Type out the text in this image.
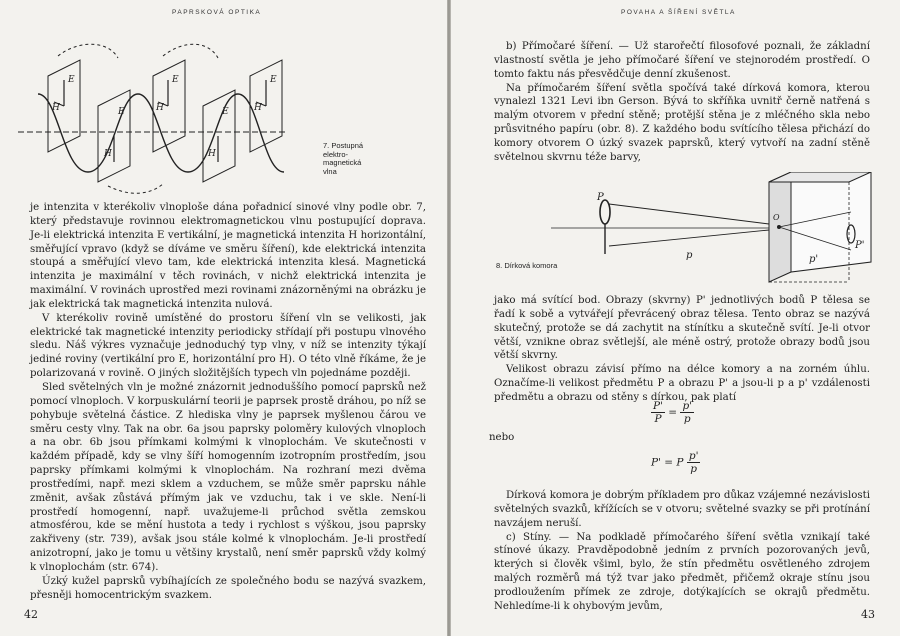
PAPRSKOVÁ OPTIKA
E	E	E
E	E
H	H	H
H	H
7. Postupná
elektro-
magnetická
vlna

je intenzita v kterékoliv vlnoploše dána pořadnicí sinové vlny podle obr. 7, který představuje rovinnou elektromagnetickou vlnu postupující doprava. Je-li elektrická intenzita E vertikální, je magnetická intenzita H horizontální, směřující vpravo (když se díváme ve směru šíření), kde elektrická intenzita stoupá a směřující vlevo tam, kde elektrická intenzita klesá. Magnetická intenzita je maximální v těch rovinách, v nichž elektrická intenzita je maximální. V rovinách uprostřed mezi rovinami znázorněnými na obrázku je jak elektrická tak magnetická intenzita nulová.

V kterékoliv rovině umístěné do prostoru šíření vln se velikosti, jak elektrické tak magnetické intenzity periodicky střídají při postupu vlnového sledu. Náš výkres vyznačuje jednoduchý typ vlny, v níž se intenzity týkají jediné roviny (vertikální pro E, horizontální pro H). O této vlně říkáme, že je polarizovaná v rovině. O jiných složitějších typech vln pojednáme později.

Sled světelných vln je možné znázornit jednoduššího pomocí paprsků než pomocí vlnoploch. V korpuskulární teorii je paprsek prostě dráhou, po níž se pohybuje světelná částice. Z hlediska vlny je paprsek myšlenou čárou ve směru cesty vlny. Tak na obr. 6a jsou paprsky poloměry kulových vlnoploch a na obr. 6b jsou přímkami kolmými k vlnoplochám. Ve skutečnosti v každém případě, kdy se vlny šíří homogenním izotropním prostředím, jsou paprsky přímkami kolmými k vlnoplochám. Na rozhraní mezi dvěma prostředími, např. mezi sklem a vzduchem, se může směr paprsku náhle změnit, avšak zůstává přímým jak ve vzduchu, tak i ve skle. Není-li prostředí homogenní, např. uvažujeme-li průchod světla zemskou atmosférou, kde se mění hustota a tedy i rychlost s výškou, jsou paprsky zakřiveny (str. 739), avšak jsou stále kolmé k vlnoplochám. Je-li prostředí anizotropní, jako je tomu u většiny krystalů, není směr paprsků vždy kolmý k vlnoplochám (str. 674).

Úzký kužel paprsků vybíhajících ze společného bodu se nazývá svazkem, přesněji homocentrickým svazkem.

42
POVAHA A ŠÍŘENÍ SVĚTLA

b) Přímočaré šíření. — Už starořečtí filosofové poznali, že základní vlastností světla je jeho přímočaré šíření ve stejnorodém prostředí. O tomto faktu nás přesvědčuje denní zkušenost.

Na přímočarém šíření světla spočívá také dírková komora, kterou vynalezl 1321 Levi ibn Gerson. Bývá to skříňka uvnitř černě natřená s malým otvorem v přední stěně; protější stěna je z mléčného skla nebo průsvitného papíru (obr. 8). Z každého bodu svítícího tělesa přichází do komory otvorem O úzký svazek paprsků, který vytvoří na zadní stěně světelnou skvrnu téže barvy,

P
p
O
P'
p'
8. Dírková komora

jako má svítící bod. Obrazy (skvrny) P' jednotlivých bodů P tělesa se řadí k sobě a vytvářejí převrácený obraz tělesa. Tento obraz se nazývá skutečný, protože se dá zachytit na stínítku a skutečně svítí. Je-li otvor větší, vznikne obraz světlejší, ale méně ostrý, protože obrazy bodů jsou větší skvrny.

Velikost obrazu závisí přímo na délce komory a na zorném úhlu. Označíme-li velikost předmětu P a obrazu P' a jsou-li p a p' vzdálenosti předmětu a obrazu od stěny s dírkou, pak platí

$\frac{P'}{P} = \frac{p'}{p}$
nebo
P' = P $\frac{p'}{p}$

Dírková komora je dobrým příkladem pro důkaz vzájemné nezávislosti světelných svazků, křížících se v otvoru; světelné svazky se při protínání navzájem neruší.

c) Stíny. — Na podkladě přímočarého šíření světla vznikají také stínové úkazy. Pravděpodobně jedním z prvních pozorovaných jevů, kterých si člověk všiml, bylo, že stín předmětu osvětleného zdrojem malých rozměrů má týž tvar jako předmět, přičemž okraje stínu jsou prodloužením přímek ze zdroje, dotýkajících se okrajů předmětu. Nehledíme-li k ohybovým jevům,

43
